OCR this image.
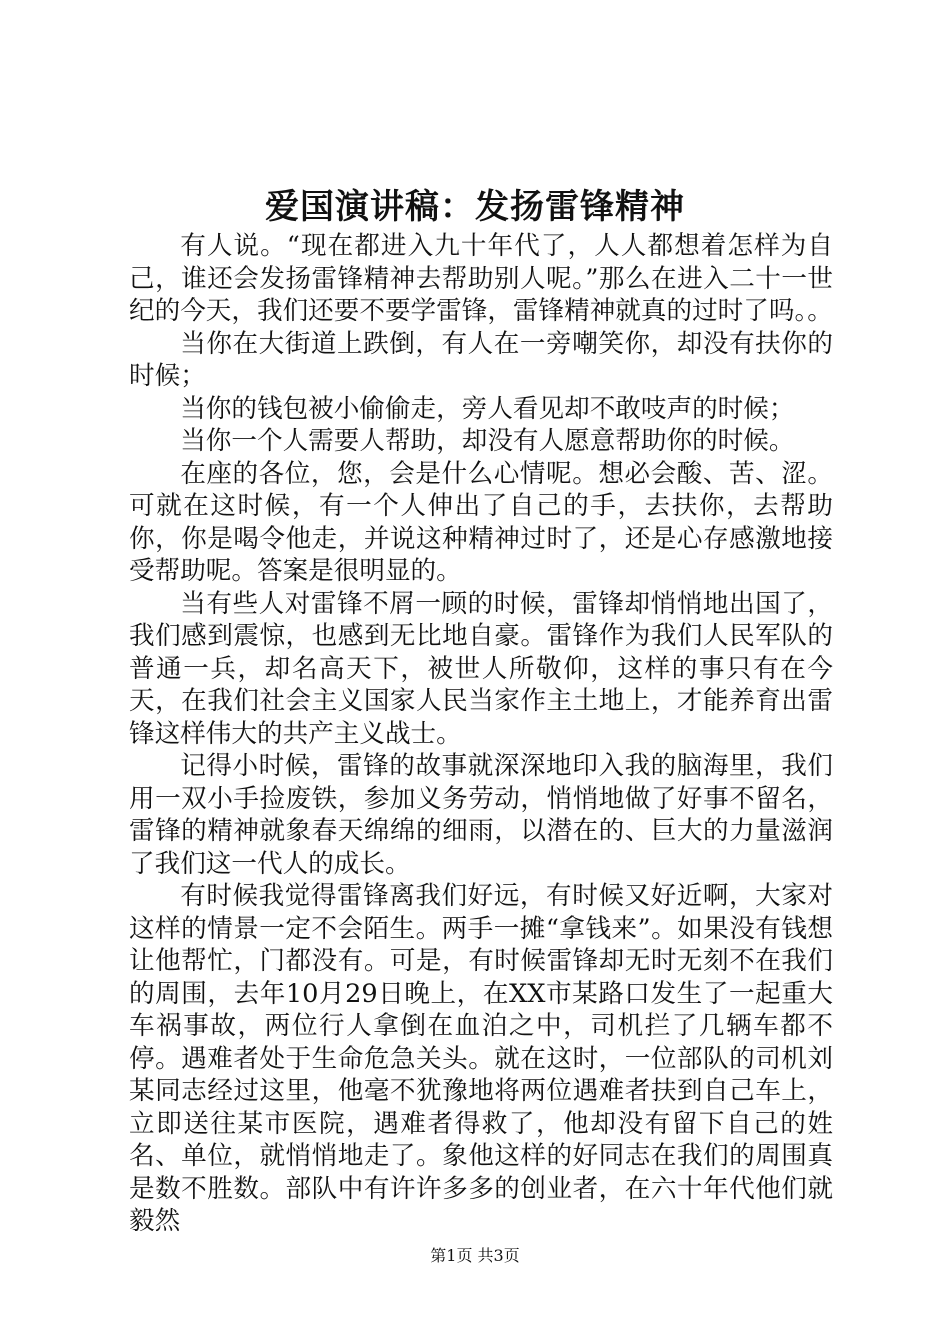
爱国演讲稿：发扬雷锋精神

有人说。“现在都进入九十年代了，人人都想着怎样为自己，谁还会发扬雷锋精神去帮助别人呢。”那么在进入二十一世纪的今天，我们还要不要学雷锋，雷锋精神就真的过时了吗。。

当你在大街道上跌倒，有人在一旁嘲笑你，却没有扶你的时候；

当你的钱包被小偷偷走，旁人看见却不敢吱声的时候；

当你一个人需要人帮助，却没有人愿意帮助你的时候。

在座的各位，您，会是什么心情呢。想必会酸、苦、涩。可就在这时候，有一个人伸出了自己的手，去扶你，去帮助你，你是喝令他走，并说这种精神过时了，还是心存感激地接受帮助呢。答案是很明显的。

当有些人对雷锋不屑一顾的时候，雷锋却悄悄地出国了，我们感到震惊，也感到无比地自豪。雷锋作为我们人民军队的普通一兵，却名高天下，被世人所敬仰，这样的事只有在今天，在我们社会主义国家人民当家作主土地上，才能养育出雷锋这样伟大的共产主义战士。

记得小时候，雷锋的故事就深深地印入我的脑海里，我们用一双小手捡废铁，参加义务劳动，悄悄地做了好事不留名，雷锋的精神就象春天绵绵的细雨，以潜在的、巨大的力量滋润了我们这一代人的成长。

有时候我觉得雷锋离我们好远，有时候又好近啊，大家对这样的情景一定不会陌生。两手一摊“拿钱来”。如果没有钱想让他帮忙，门都没有。可是，有时候雷锋却无时无刻不在我们的周围，去年10月29日晚上，在XX市某路口发生了一起重大车祸事故，两位行人拿倒在血泊之中，司机拦了几辆车都不停。遇难者处于生命危急关头。就在这时，一位部队的司机刘某同志经过这里，他毫不犹豫地将两位遇难者扶到自己车上，立即送往某市医院，遇难者得救了，他却没有留下自己的姓名、单位，就悄悄地走了。象他这样的好同志在我们的周围真是数不胜数。部队中有许许多多的创业者，在六十年代他们就毅然

第1页 共3页
